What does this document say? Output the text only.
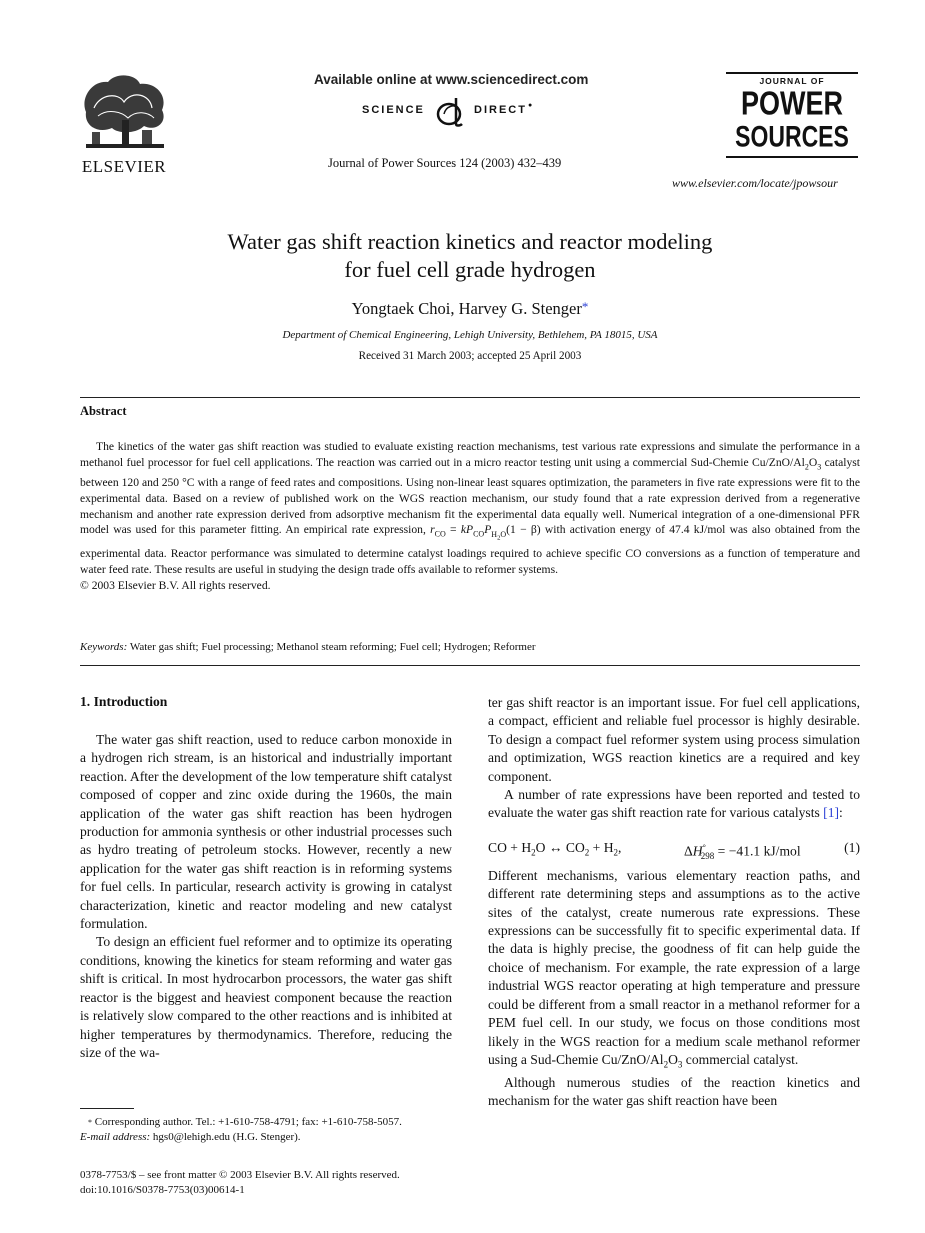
ELSEVIER
Available online at www.sciencedirect.com
SCIENCE	DIRECT ●
Journal of Power Sources 124 (2003) 432–439
JOURNAL OF
POWER
SOURCES
www.elsevier.com/locate/jpowsour
Water gas shift reaction kinetics and reactor modeling
for fuel cell grade hydrogen
Yongtaek Choi, Harvey G. Stenger*
Department of Chemical Engineering, Lehigh University, Bethlehem, PA 18015, USA
Received 31 March 2003; accepted 25 April 2003
Abstract

The kinetics of the water gas shift reaction was studied to evaluate existing reaction mechanisms, test various rate expressions and simulate the performance in a methanol fuel processor for fuel cell applications. The reaction was carried out in a micro reactor testing unit using a commercial Sud-Chemie $Cu/ZnO/Al_2O_3$ catalyst between 120 and 250 °C with a range of feed rates and compositions. Using non-linear least squares optimization, the parameters in five rate expressions were fit to the experimental data. Based on a review of published work on the WGS reaction mechanism, our study found that a rate expression derived from a regenerative mechanism and another rate expression derived from adsorptive mechanism fit the experimental data equally well. Numerical integration of a one-dimensional PFR model was used for this parameter fitting. An empirical rate expression, $r_{CO} = kP_{CO}P_{H_2O}(1 - \beta)$ with activation energy of 47.4 kJ/mol was also obtained from the experimental data. Reactor performance was simulated to determine catalyst loadings required to achieve specific CO conversions as a function of temperature and water feed rate. These results are useful in studying the design trade offs available to reformer systems.

© 2003 Elsevier B.V. All rights reserved.

Keywords: Water gas shift; Fuel processing; Methanol steam reforming; Fuel cell; Hydrogen; Reformer
1. Introduction

The water gas shift reaction, used to reduce carbon monoxide in a hydrogen rich stream, is an historical and industrially important reaction. After the development of the low temperature shift catalyst composed of copper and zinc oxide during the 1960s, the main application of the water gas shift reaction has been hydrogen production for ammonia synthesis or other industrial processes such as hydro treating of petroleum stocks. However, recently a new application for the water gas shift reaction is in reforming systems for fuel cells. In particular, research activity is growing in catalyst characterization, kinetic and reactor modeling and new catalyst formulation.

To design an efficient fuel reformer and to optimize its operating conditions, knowing the kinetics for steam reforming and water gas shift is critical. In most hydrocarbon processors, the water gas shift reactor is the biggest and heaviest component because the reaction is relatively slow compared to the other reactions and is inhibited at higher temperatures by thermodynamics. Therefore, reducing the size of the wa-

* Corresponding author. Tel.: +1-610-758-4791; fax: +1-610-758-5057.
E-mail address: hgs0@lehigh.edu (H.G. Stenger).
0378-7753/$ – see front matter © 2003 Elsevier B.V. All rights reserved.
doi:10.1016/S0378-7753(03)00614-1

ter gas shift reactor is an important issue. For fuel cell applications, a compact, efficient and reliable fuel processor is highly desirable. To design a compact fuel reformer system using process simulation and optimization, WGS reaction kinetics are a required and key component.

A number of rate expressions have been reported and tested to evaluate the water gas shift reaction rate for various catalysts [1]:

CO + $H_2O$ ↔ $CO_2 + H_2$,	$\Delta H^\circ_{298} = -41.1$ kJ/mol	(1)

Different mechanisms, various elementary reaction paths, and different rate determining steps and assumptions as to the active sites of the catalyst, create numerous rate expressions. These expressions can be successfully fit to specific experimental data. If the data is highly precise, the goodness of fit can help guide the choice of mechanism. For example, the rate expression of a large industrial WGS reactor operating at high temperature and pressure could be different from a small reactor in a methanol reformer for a PEM fuel cell. In our study, we focus on those conditions most likely in the WGS reaction for a medium scale methanol reformer using a Sud-Chemie $Cu/ZnO/Al_2O_3$ commercial catalyst.

Although numerous studies of the reaction kinetics and mechanism for the water gas shift reaction have been
